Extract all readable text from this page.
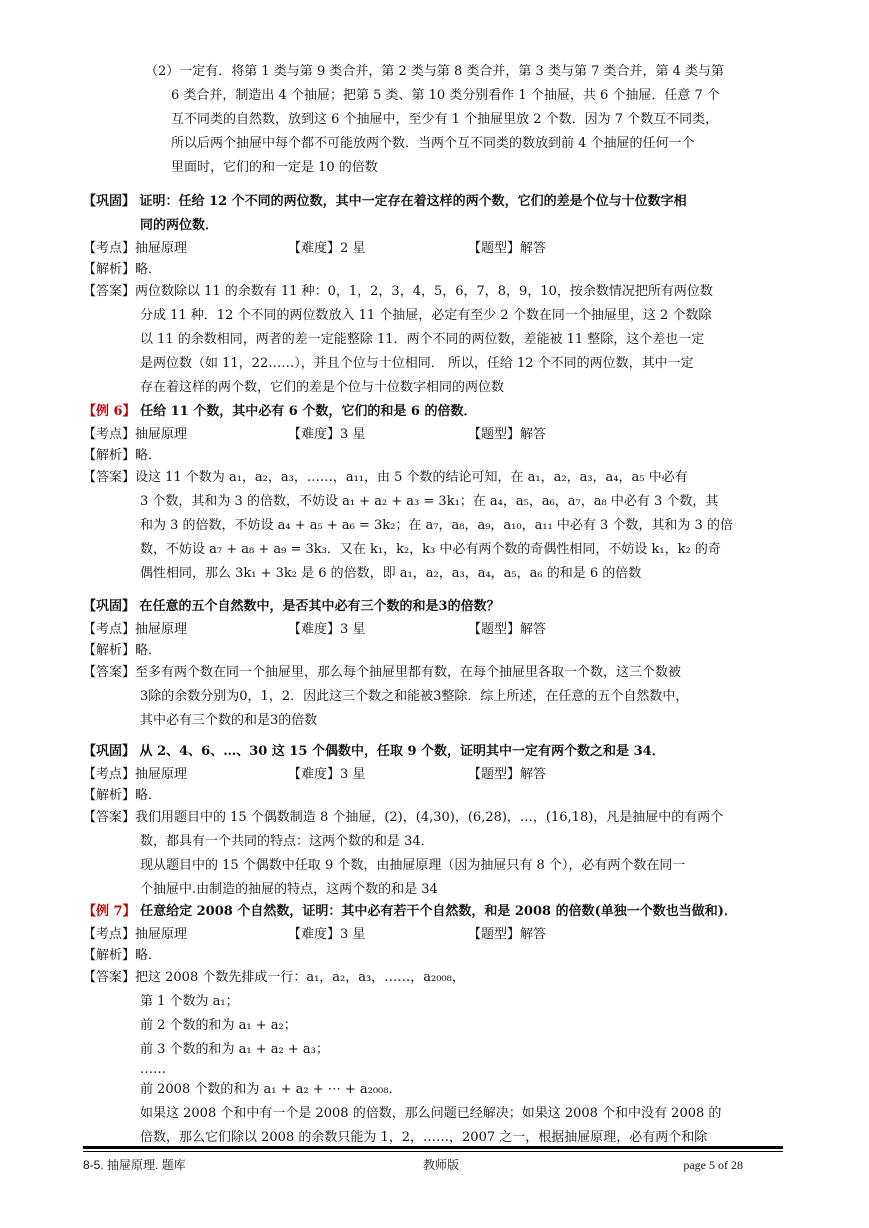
（2）一定有．将第 1 类与第 9 类合并，第 2 类与第 8 类合并，第 3 类与第 7 类合并，第 4 类与第
6 类合并，制造出 4 个抽屉；把第 5 类、第 10 类分别看作 1 个抽屉，共 6 个抽屉．任意 7 个
互不同类的自然数，放到这 6 个抽屉中，至少有 1 个抽屉里放 2 个数．因为 7 个数互不同类，
所以后两个抽屉中每个都不可能放两个数．当两个互不同类的数放到前 4 个抽屉的任何一个
里面时，它们的和一定是 10 的倍数
【巩固】 证明：任给 12 个不同的两位数，其中一定存在着这样的两个数，它们的差是个位与十位数字相
同的两位数．
【考点】抽屉原理	【难度】2 星	【题型】解答
【解析】略．
【答案】两位数除以 11 的余数有 11 种：0，1，2，3，4，5，6，7，8，9，10，按余数情况把所有两位数
分成 11 种．12 个不同的两位数放入 11 个抽屉，必定有至少 2 个数在同一个抽屉里，这 2 个数除
以 11 的余数相同，两者的差一定能整除 11．两个不同的两位数，差能被 11 整除，这个差也一定
是两位数（如 11，22……），并且个位与十位相同． 所以，任给 12 个不同的两位数，其中一定
存在着这样的两个数，它们的差是个位与十位数字相同的两位数
【例 6】 任给 11 个数，其中必有 6 个数，它们的和是 6 的倍数．
【考点】抽屉原理	【难度】3 星	【题型】解答
【解析】略．
【答案】设这 11 个数为 a₁，a₂，a₃，……，a₁₁，由 5 个数的结论可知，在 a₁，a₂，a₃，a₄，a₅ 中必有
3 个数，其和为 3 的倍数，不妨设 a₁ + a₂ + a₃ = 3k₁；在 a₄，a₅，a₆，a₇，a₈ 中必有 3 个数，其
和为 3 的倍数，不妨设 a₄ + a₅ + a₆ = 3k₂；在 a₇，a₈，a₉，a₁₀，a₁₁ 中必有 3 个数，其和为 3 的倍
数，不妨设 a₇ + a₈ + a₉ = 3k₃．又在 k₁，k₂，k₃ 中必有两个数的奇偶性相同，不妨设 k₁，k₂ 的奇
偶性相同，那么 3k₁ + 3k₂ 是 6 的倍数，即 a₁，a₂，a₃，a₄，a₅，a₆ 的和是 6 的倍数
【巩固】 在任意的五个自然数中，是否其中必有三个数的和是3的倍数？
【考点】抽屉原理	【难度】3 星	【题型】解答
【解析】略．
【答案】至多有两个数在同一个抽屉里，那么每个抽屉里都有数，在每个抽屉里各取一个数，这三个数被
3除的余数分别为0，1，2．因此这三个数之和能被3整除．综上所述，在任意的五个自然数中，
其中必有三个数的和是3的倍数
【巩固】 从 2、4、6、…、30 这 15 个偶数中，任取 9 个数，证明其中一定有两个数之和是 34．
【考点】抽屉原理	【难度】3 星	【题型】解答
【解析】略．
【答案】我们用题目中的 15 个偶数制造 8 个抽屉，(2)，(4,30)，(6,28)，…，(16,18)，凡是抽屉中的有两个
数，都具有一个共同的特点：这两个数的和是 34．
现从题目中的 15 个偶数中任取 9 个数，由抽屉原理（因为抽屉只有 8 个），必有两个数在同一
个抽屉中.由制造的抽屉的特点，这两个数的和是 34
【例 7】 任意给定 2008 个自然数，证明：其中必有若干个自然数，和是 2008 的倍数(单独一个数也当做和)．
【考点】抽屉原理	【难度】3 星	【题型】解答
【解析】略．
【答案】把这 2008 个数先排成一行：a₁，a₂，a₃，……，a₂₀₀₈，
第 1 个数为 a₁；
前 2 个数的和为 a₁ + a₂；
前 3 个数的和为 a₁ + a₂ + a₃；
……
前 2008 个数的和为 a₁ + a₂ + ⋯ + a₂₀₀₈．
如果这 2008 个和中有一个是 2008 的倍数，那么问题已经解决；如果这 2008 个和中没有 2008 的
倍数，那么它们除以 2008 的余数只能为 1，2，……，2007 之一，根据抽屉原理，必有两个和除
8-5. 抽屉原理. 题库	教师版	page 5 of 28
